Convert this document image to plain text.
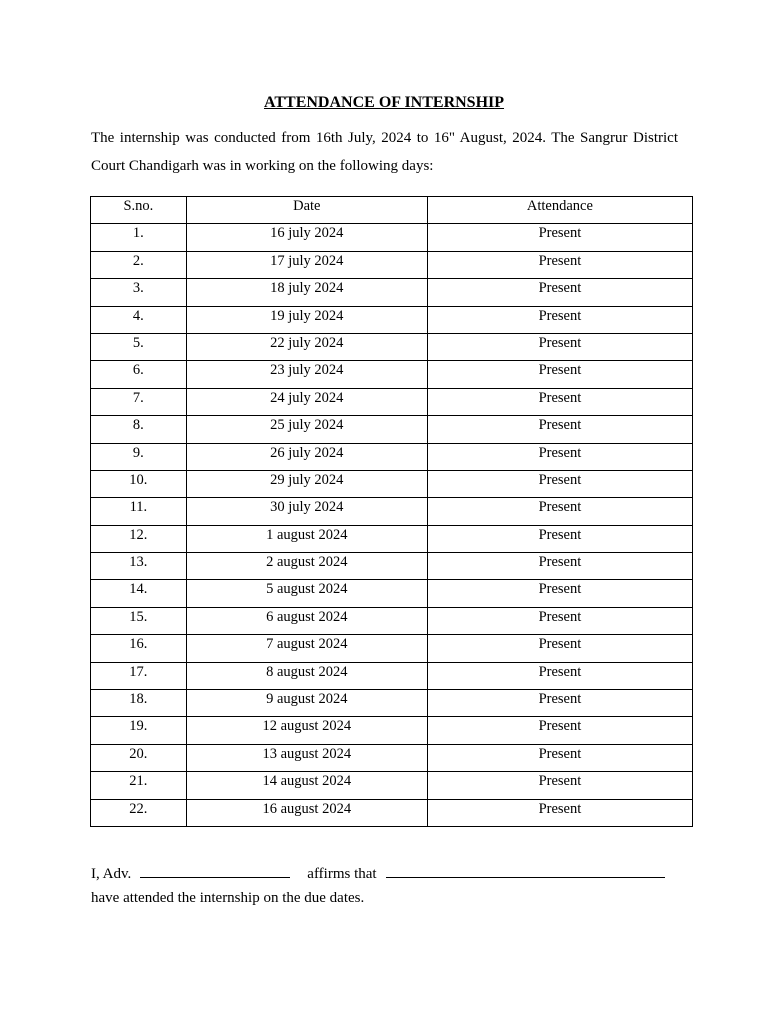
ATTENDANCE OF INTERNSHIP

The internship was conducted from 16th July, 2024 to 16" August, 2024. The Sangrur District Court Chandigarh was in working on the following days:

S.no.	Date	Attendance
1.	16 july 2024	Present
2.	17 july 2024	Present
3.	18 july 2024	Present
4.	19 july 2024	Present
5.	22 july 2024	Present
6.	23 july 2024	Present
7.	24 july 2024	Present
8.	25 july 2024	Present
9.	26 july 2024	Present
10.	29 july 2024	Present
11.	30 july 2024	Present
12.	1 august 2024	Present
13.	2 august 2024	Present
14.	5 august 2024	Present
15.	6 august 2024	Present
16.	7 august 2024	Present
17.	8 august 2024	Present
18.	9 august 2024	Present
19.	12 august 2024	Present
20.	13 august 2024	Present
21.	14 august 2024	Present
22.	16 august 2024	Present
I, Adv.	affirms that

have attended the internship on the due dates.
